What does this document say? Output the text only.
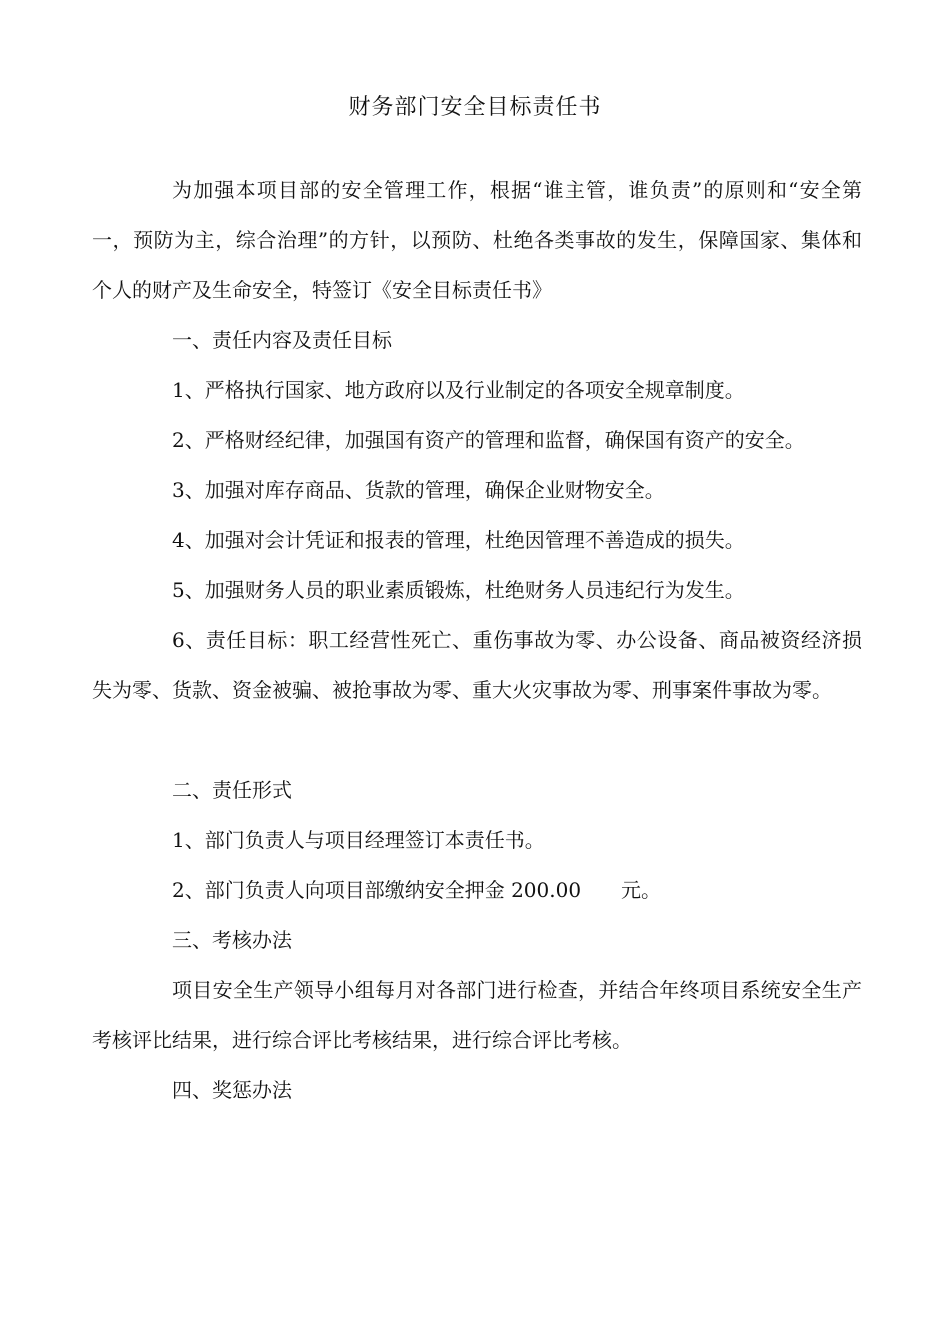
财务部门安全目标责任书

为加强本项目部的安全管理工作，根据“谁主管，谁负责”的原则和“安全第一，预防为主，综合治理”的方针，以预防、杜绝各类事故的发生，保障国家、集体和个人的财产及生命安全，特签订《安全目标责任书》

一、责任内容及责任目标

1、严格执行国家、地方政府以及行业制定的各项安全规章制度。

2、严格财经纪律，加强国有资产的管理和监督，确保国有资产的安全。

3、加强对库存商品、货款的管理，确保企业财物安全。

4、加强对会计凭证和报表的管理，杜绝因管理不善造成的损失。

5、加强财务人员的职业素质锻炼，杜绝财务人员违纪行为发生。

6、责任目标：职工经营性死亡、重伤事故为零、办公设备、商品被资经济损失为零、货款、资金被骗、被抢事故为零、重大火灾事故为零、刑事案件事故为零。

二、责任形式

1、部门负责人与项目经理签订本责任书。

2、部门负责人向项目部缴纳安全押金 200.00　　元。

三、考核办法

项目安全生产领导小组每月对各部门进行检查，并结合年终项目系统安全生产考核评比结果，进行综合评比考核结果，进行综合评比考核。

四、奖惩办法
